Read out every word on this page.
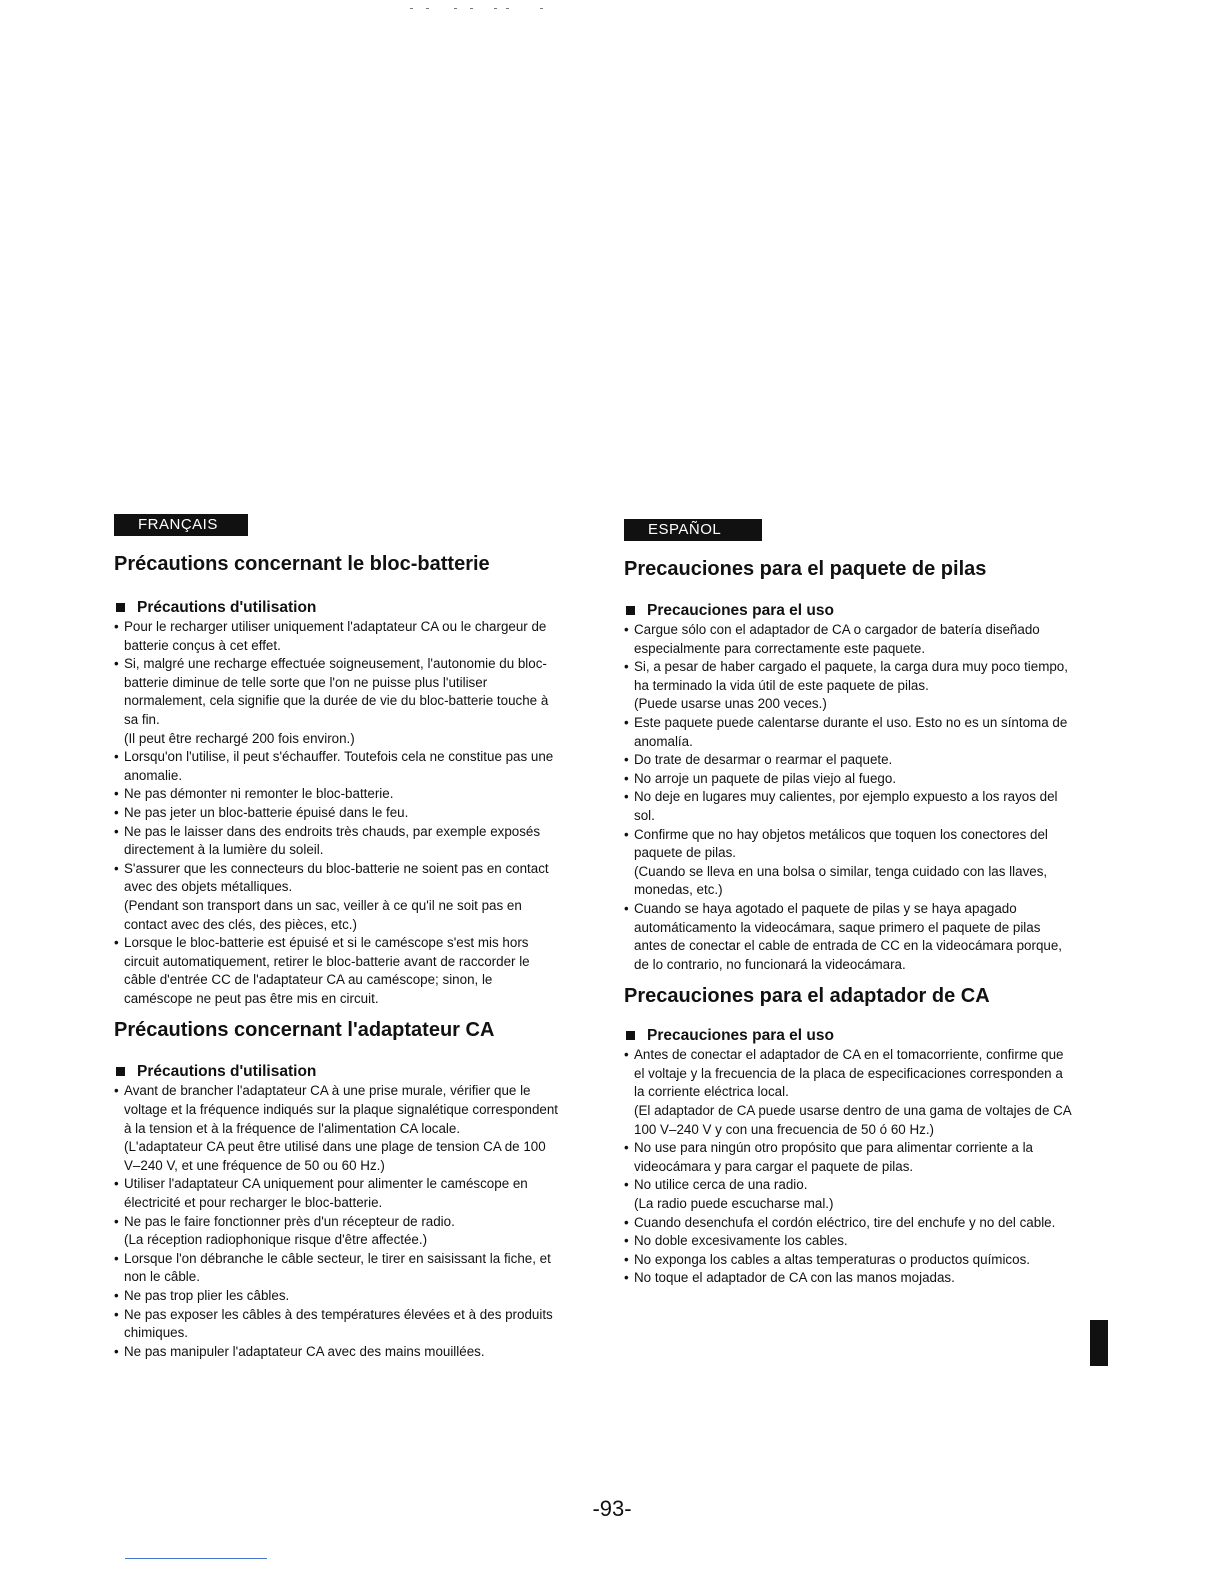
FRANÇAIS
Précautions concernant le bloc-batterie
Précautions d'utilisation
• Pour le recharger utiliser uniquement l'adaptateur CA ou le chargeur de batterie conçus à cet effet.
• Si, malgré une recharge effectuée soigneusement, l'autonomie du bloc-batterie diminue de telle sorte que l'on ne puisse plus l'utiliser normalement, cela signifie que la durée de vie du bloc-batterie touche à sa fin.
(Il peut être rechargé 200 fois environ.)
• Lorsqu'on l'utilise, il peut s'échauffer. Toutefois cela ne constitue pas une anomalie.
• Ne pas démonter ni remonter le bloc-batterie.
• Ne pas jeter un bloc-batterie épuisé dans le feu.
• Ne pas le laisser dans des endroits très chauds, par exemple exposés directement à la lumière du soleil.
• S'assurer que les connecteurs du bloc-batterie ne soient pas en contact avec des objets métalliques.
(Pendant son transport dans un sac, veiller à ce qu'il ne soit pas en contact avec des clés, des pièces, etc.)
• Lorsque le bloc-batterie est épuisé et si le caméscope s'est mis hors circuit automatiquement, retirer le bloc-batterie avant de raccorder le câble d'entrée CC de l'adaptateur CA au caméscope; sinon, le caméscope ne peut pas être mis en circuit.
Précautions concernant l'adaptateur CA
Précautions d'utilisation
• Avant de brancher l'adaptateur CA à une prise murale, vérifier que le voltage et la fréquence indiqués sur la plaque signalétique correspondent à la tension et à la fréquence de l'alimentation CA locale.
(L'adaptateur CA peut être utilisé dans une plage de tension CA de 100 V–240 V, et une fréquence de 50 ou 60 Hz.)
• Utiliser l'adaptateur CA uniquement pour alimenter le caméscope en électricité et pour recharger le bloc-batterie.
• Ne pas le faire fonctionner près d'un récepteur de radio.
(La réception radiophonique risque d'être affectée.)
• Lorsque l'on débranche le câble secteur, le tirer en saisissant la fiche, et non le câble.
• Ne pas trop plier les câbles.
• Ne pas exposer les câbles à des températures élevées et à des produits chimiques.
• Ne pas manipuler l'adaptateur CA avec des mains mouillées.
ESPAÑOL
Precauciones para el paquete de pilas
Precauciones para el uso
• Cargue sólo con el adaptador de CA o cargador de batería diseñado especialmente para correctamente este paquete.
• Si, a pesar de haber cargado el paquete, la carga dura muy poco tiempo, ha terminado la vida útil de este paquete de pilas.
(Puede usarse unas 200 veces.)
• Este paquete puede calentarse durante el uso. Esto no es un síntoma de anomalía.
• Do trate de desarmar o rearmar el paquete.
• No arroje un paquete de pilas viejo al fuego.
• No deje en lugares muy calientes, por ejemplo expuesto a los rayos del sol.
• Confirme que no hay objetos metálicos que toquen los conectores del paquete de pilas.
(Cuando se lleva en una bolsa o similar, tenga cuidado con las llaves, monedas, etc.)
• Cuando se haya agotado el paquete de pilas y se haya apagado automáticamento la videocámara, saque primero el paquete de pilas antes de conectar el cable de entrada de CC en la videocámara porque, de lo contrario, no funcionará la videocámara.
Precauciones para el adaptador de CA
Precauciones para el uso
• Antes de conectar el adaptador de CA en el tomacorriente, confirme que el voltaje y la frecuencia de la placa de especificaciones corresponden a la corriente eléctrica local.
(El adaptador de CA puede usarse dentro de una gama de voltajes de CA 100 V–240 V y con una frecuencia de 50 ó 60 Hz.)
• No use para ningún otro propósito que para alimentar corriente a la videocámara y para cargar el paquete de pilas.
• No utilice cerca de una radio.
(La radio puede escucharse mal.)
• Cuando desenchufa el cordón eléctrico, tire del enchufe y no del cable.
• No doble excesivamente los cables.
• No exponga los cables a altas temperaturas o productos químicos.
• No toque el adaptador de CA con las manos mojadas.
-93-
